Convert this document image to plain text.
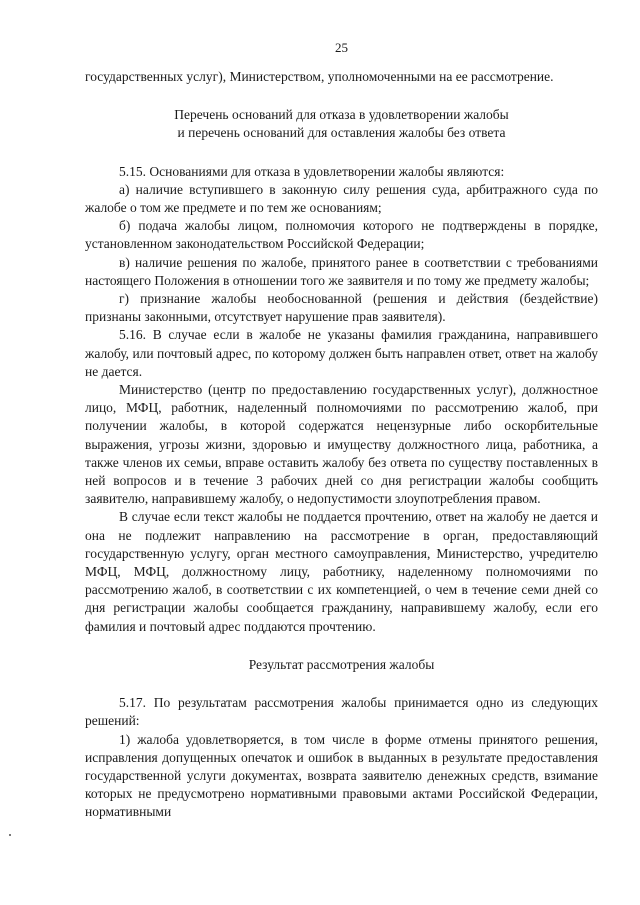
25

государственных услуг), Министерством, уполномоченными на ее рассмотрение.

Перечень оснований для отказа в удовлетворении жалобы

и перечень оснований для оставления жалобы без ответа

5.15. Основаниями для отказа в удовлетворении жалобы являются:

а) наличие вступившего в законную силу решения суда, арбитражного суда по жалобе о том же предмете и по тем же основаниям;

б) подача жалобы лицом, полномочия которого не подтверждены в порядке, установленном законодательством Российской Федерации;

в) наличие решения по жалобе, принятого ранее в соответствии с требованиями настоящего Положения в отношении того же заявителя и по тому же предмету жалобы;

г) признание жалобы необоснованной (решения и действия (бездействие) признаны законными, отсутствует нарушение прав заявителя).

5.16. В случае если в жалобе не указаны фамилия гражданина, направившего жалобу, или почтовый адрес, по которому должен быть направлен ответ, ответ на жалобу не дается.

Министерство (центр по предоставлению государственных услуг), должностное лицо, МФЦ, работник, наделенный полномочиями по рассмотрению жалоб, при получении жалобы, в которой содержатся нецензурные либо оскорбительные выражения, угрозы жизни, здоровью и имуществу должностного лица, работника, а также членов их семьи, вправе оставить жалобу без ответа по существу поставленных в ней вопросов и в течение 3 рабочих дней со дня регистрации жалобы сообщить заявителю, направившему жалобу, о недопустимости злоупотребления правом.

В случае если текст жалобы не поддается прочтению, ответ на жалобу не дается и она не подлежит направлению на рассмотрение в орган, предоставляющий государственную услугу, орган местного самоуправления, Министерство, учредителю МФЦ, МФЦ, должностному лицу, работнику, наделенному полномочиями по рассмотрению жалоб, в соответствии с их компетенцией, о чем в течение семи дней со дня регистрации жалобы сообщается гражданину, направившему жалобу, если его фамилия и почтовый адрес поддаются прочтению.

Результат рассмотрения жалобы

5.17. По результатам рассмотрения жалобы принимается одно из следующих решений:

1) жалоба удовлетворяется, в том числе в форме отмены принятого решения, исправления допущенных опечаток и ошибок в выданных в результате предоставления государственной услуги документах, возврата заявителю денежных средств, взимание которых не предусмотрено нормативными правовыми актами Российской Федерации, нормативными
